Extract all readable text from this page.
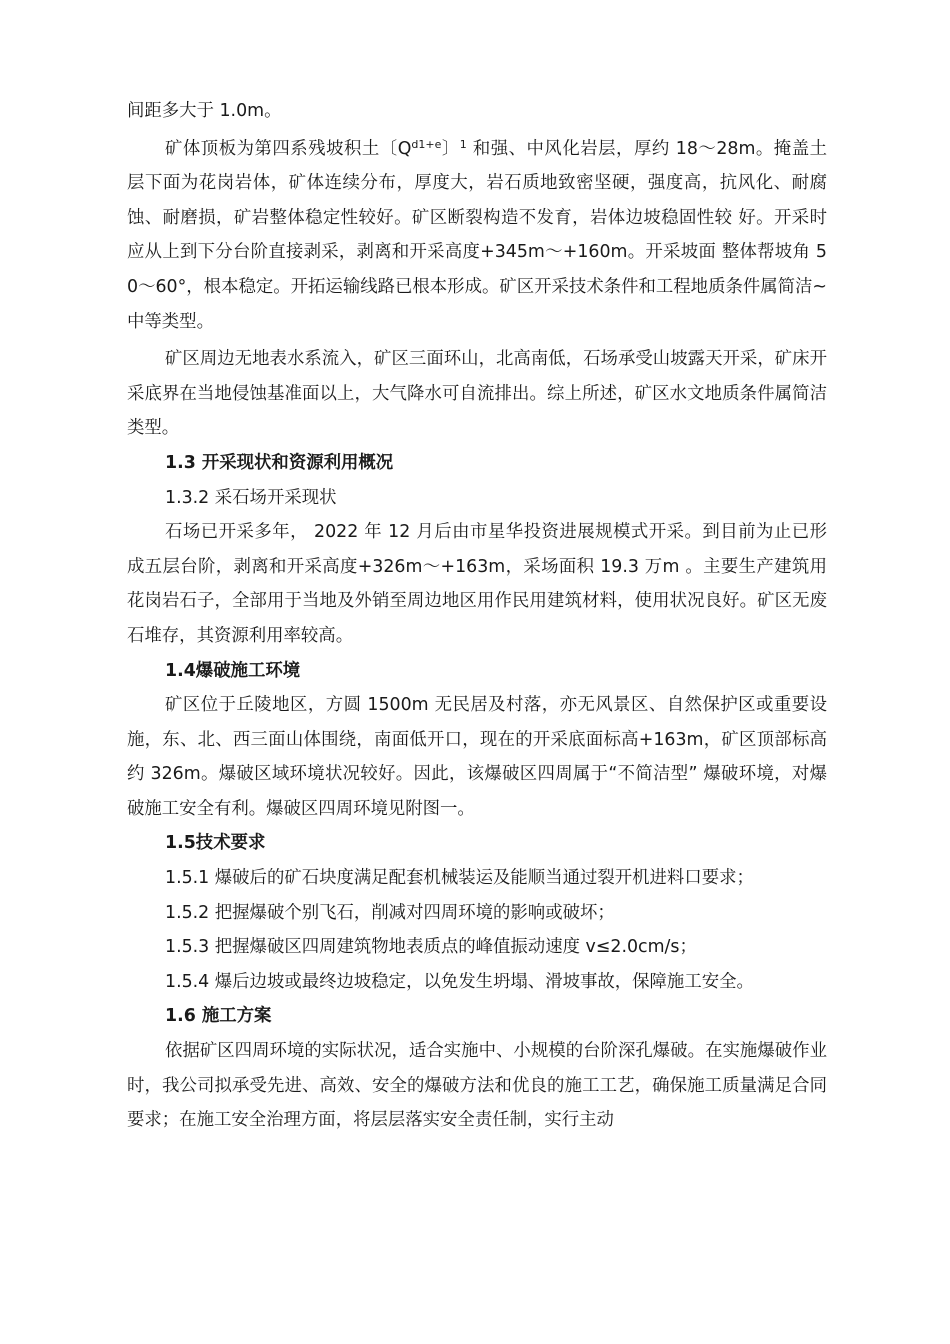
间距多大于 1.0m。

矿体顶板为第四系残坡积土〔$Q^{d1+e}$〕$^1$ 和强、中风化岩层，厚约 18～28m。掩盖土层下面为花岗岩体，矿体连续分布，厚度大，岩石质地致密坚硬，强度高，抗风化、耐腐蚀、耐磨损，矿岩整体稳定性较好。矿区断裂构造不发育，岩体边坡稳固性较 好。开采时应从上到下分台阶直接剥采，剥离和开采高度+345m～+160m。开采坡面 整体帮坡角 50～60°，根本稳定。开拓运输线路已根本形成。矿区开采技术条件和工程地质条件属简洁~中等类型。

矿区周边无地表水系流入，矿区三面环山，北高南低，石场承受山坡露天开采，矿床开采底界在当地侵蚀基准面以上，大气降水可自流排出。综上所述，矿区水文地质条件属简洁类型。

1.3 开采现状和资源利用概况

1.3.2 采石场开采现状

石场已开采多年， 2022 年 12 月后由市星华投资进展规模式开采。到目前为止已形成五层台阶，剥离和开采高度+326m～+163m，采场面积 19.3 万m 。主要生产建筑用花岗岩石子，全部用于当地及外销至周边地区用作民用建筑材料，使用状况良好。矿区无废石堆存，其资源利用率较高。

1.4爆破施工环境

矿区位于丘陵地区，方圆 1500m 无民居及村落，亦无风景区、自然保护区或重要设施，东、北、西三面山体围绕，南面低开口，现在的开采底面标高+163m，矿区顶部标高约 326m。爆破区域环境状况较好。因此，该爆破区四周属于“不简洁型” 爆破环境，对爆破施工安全有利。爆破区四周环境见附图一。

1.5技术要求

1.5.1 爆破后的矿石块度满足配套机械装运及能顺当通过裂开机进料口要求；

1.5.2 把握爆破个别飞石，削减对四周环境的影响或破坏；

1.5.3 把握爆破区四周建筑物地表质点的峰值振动速度 v≤2.0cm/s；

1.5.4 爆后边坡或最终边坡稳定，以免发生坍塌、滑坡事故，保障施工安全。

1.6 施工方案

依据矿区四周环境的实际状况，适合实施中、小规模的台阶深孔爆破。在实施爆破作业时，我公司拟承受先进、高效、安全的爆破方法和优良的施工工艺，确保施工质量满足合同要求；在施工安全治理方面，将层层落实安全责任制，实行主动
